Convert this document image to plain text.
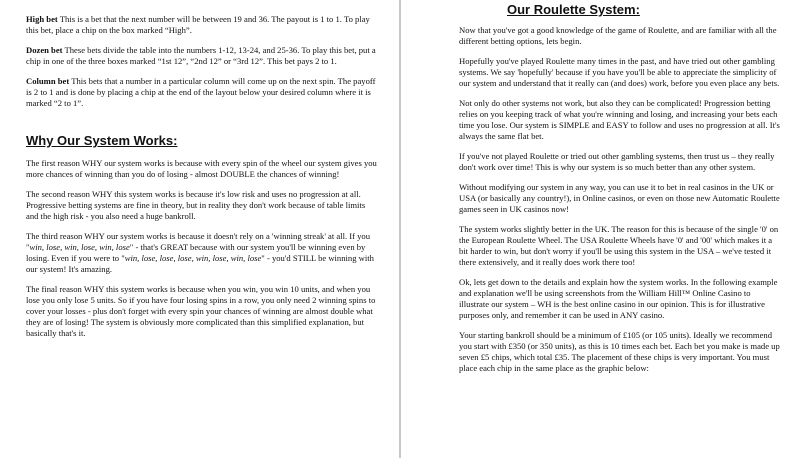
High bet This is a bet that the next number will be between 19 and 36. The payout is 1 to 1. To play this bet, place a chip on the box marked “High”.

Dozen bet These bets divide the table into the numbers 1-12, 13-24, and 25-36. To play this bet, put a chip in one of the three boxes marked “1st 12”, “2nd 12” or “3rd 12”. This bet pays 2 to 1.

Column bet This bets that a number in a particular column will come up on the next spin. The payoff is 2 to 1 and is done by placing a chip at the end of the layout below your desired column where it is marked “2 to 1”.

Why Our System Works:

The first reason WHY our system works is because with every spin of the wheel our system gives you more chances of winning than you do of losing - almost DOUBLE the chances of winning!

The second reason WHY this system works is because it's low risk and uses no progression at all. Progressive betting systems are fine in theory, but in reality they don't work because of table limits and the high risk - you also need a huge bankroll.

The third reason WHY our system works is because it doesn't rely on a 'winning streak' at all. If you "win, lose, win, lose, win, lose" - that's GREAT because with our system you'll be winning even by losing. Even if you were to "win, lose, lose, lose, win, lose, win, lose" - you'd STILL be winning with our system! It's amazing.

The final reason WHY this system works is because when you win, you win 10 units, and when you lose you only lose 5 units. So if you have four losing spins in a row, you only need 2 winning spins to cover your losses - plus don't forget with every spin your chances of winning are almost double what they are of losing! The system is obviously more complicated than this simplified explanation, but basically that's it.

Our Roulette System:

Now that you've got a good knowledge of the game of Roulette, and are familiar with all the different betting options, lets begin.

Hopefully you've played Roulette many times in the past, and have tried out other gambling systems. We say 'hopefully' because if you have you'll be able to appreciate the simplicity of our system and understand that it really can (and does) work, before you even place any bets.

Not only do other systems not work, but also they can be complicated! Progression betting relies on you keeping track of what you're winning and losing, and increasing your bets each time you lose. Our system is SIMPLE and EASY to follow and uses no progression at all. It's always the same flat bet.

If you've not played Roulette or tried out other gambling systems, then trust us – they really don't work over time! This is why our system is so much better than any other system.

Without modifying our system in any way, you can use it to bet in real casinos in the UK or USA (or basically any country!), in Online casinos, or even on those new Automatic Roulette games seen in UK casinos now!

The system works slightly better in the UK. The reason for this is because of the single '0' on the European Roulette Wheel. The USA Roulette Wheels have '0' and '00' which makes it a bit harder to win, but don't worry if you'll be using this system in the USA – we've tested it there extensively, and it really does work there too!

Ok, lets get down to the details and explain how the system works. In the following example and explanation we'll be using screenshots from the William Hill™ Online Casino to illustrate our system – WH is the best online casino in our opinion. This is for illustrative purposes only, and remember it can be used in ANY casino.

Your starting bankroll should be a minimum of £105 (or 105 units). Ideally we recommend you start with £350 (or 350 units), as this is 10 times each bet. Each bet you make is made up seven £5 chips, which total £35. The placement of these chips is very important. You must place each chip in the same place as the graphic below:
